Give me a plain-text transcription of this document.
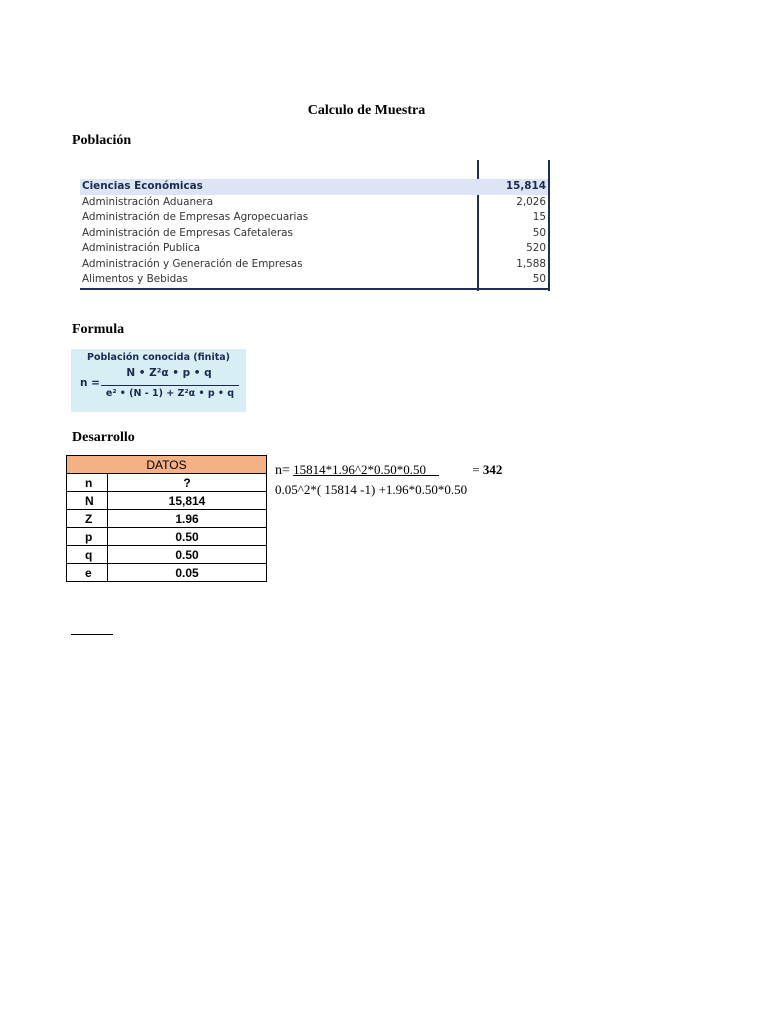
Calculo de Muestra
Población
Ciencias Económicas	15,814
Administración Aduanera	2,026
Administración de Empresas Agropecuarias	15
Administración de Empresas Cafetaleras	50
Administración Publica	520
Administración y Generación de Empresas	1,588
Alimentos y Bebidas	50
Formula
Población conocida (finita)
n =
N • Z²α • p • q
e² • (N - 1) + Z²α • p • q
Desarrollo
DATOS	
n	?
N	15,814
Z	1.96
p	0.50
q	0.50
e	0.05
n= 15814*1.96^2*0.50*0.50	= 342
0.05^2*( 15814 -1) +1.96*0.50*0.50
